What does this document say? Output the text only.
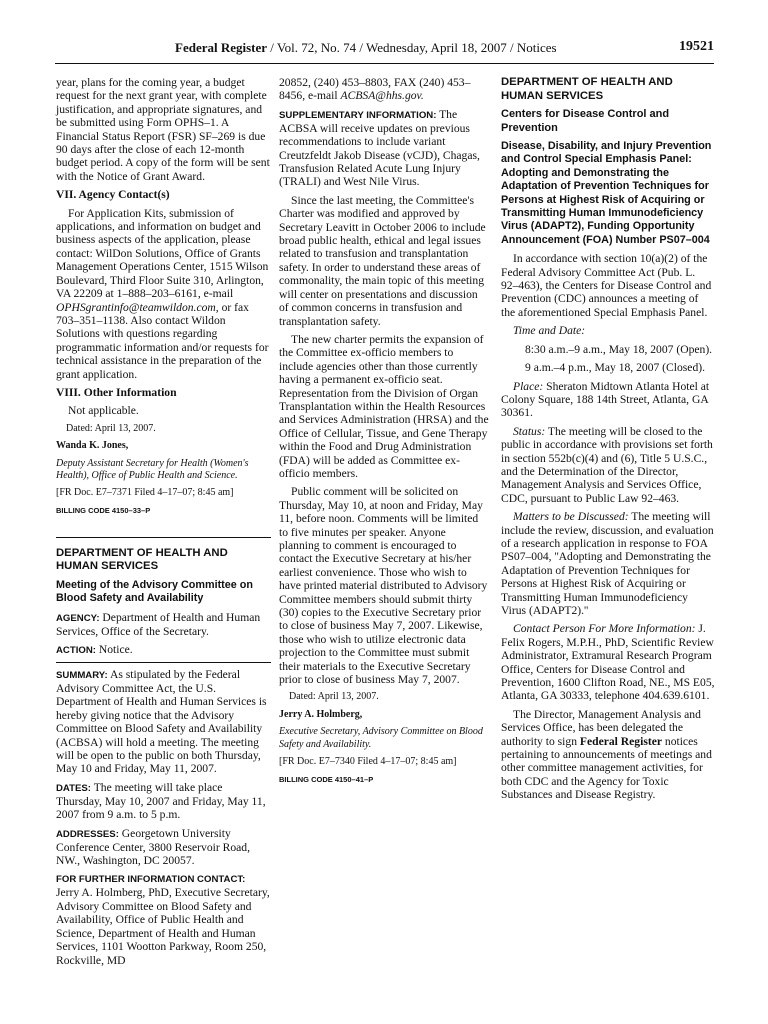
Federal Register / Vol. 72, No. 74 / Wednesday, April 18, 2007 / Notices	19521

year, plans for the coming year, a budget request for the next grant year, with complete justification, and appropriate signatures, and be submitted using Form OPHS–1. A Financial Status Report (FSR) SF–269 is due 90 days after the close of each 12-month budget period. A copy of the form will be sent with the Notice of Grant Award.

VII. Agency Contact(s)

For Application Kits, submission of applications, and information on budget and business aspects of the application, please contact: WilDon Solutions, Office of Grants Management Operations Center, 1515 Wilson Boulevard, Third Floor Suite 310, Arlington, VA 22209 at 1–888–203–6161, e-mail OPHSgrantinfo@teamwildon.com, or fax 703–351–1138. Also contact Wildon Solutions with questions regarding programmatic information and/or requests for technical assistance in the preparation of the grant application.

VIII. Other Information

Not applicable.

Dated: April 13, 2007.

Wanda K. Jones,

Deputy Assistant Secretary for Health (Women's Health), Office of Public Health and Science.

[FR Doc. E7–7371 Filed 4–17–07; 8:45 am]

BILLING CODE 4150–33–P

DEPARTMENT OF HEALTH AND HUMAN SERVICES

Meeting of the Advisory Committee on Blood Safety and Availability

AGENCY: Department of Health and Human Services, Office of the Secretary.

ACTION: Notice.

SUMMARY: As stipulated by the Federal Advisory Committee Act, the U.S. Department of Health and Human Services is hereby giving notice that the Advisory Committee on Blood Safety and Availability (ACBSA) will hold a meeting. The meeting will be open to the public on both Thursday, May 10 and Friday, May 11, 2007.

DATES: The meeting will take place Thursday, May 10, 2007 and Friday, May 11, 2007 from 9 a.m. to 5 p.m.

ADDRESSES: Georgetown University Conference Center, 3800 Reservoir Road, NW., Washington, DC 20057.

FOR FURTHER INFORMATION CONTACT: Jerry A. Holmberg, PhD, Executive Secretary, Advisory Committee on Blood Safety and Availability, Office of Public Health and Science, Department of Health and Human Services, 1101 Wootton Parkway, Room 250, Rockville, MD

20852, (240) 453–8803, FAX (240) 453–8456, e-mail ACBSA@hhs.gov.

SUPPLEMENTARY INFORMATION: The ACBSA will receive updates on previous recommendations to include variant Creutzfeldt Jakob Disease (vCJD), Chagas, Transfusion Related Acute Lung Injury (TRALI) and West Nile Virus.

Since the last meeting, the Committee's Charter was modified and approved by Secretary Leavitt in October 2006 to include broad public health, ethical and legal issues related to transfusion and transplantation safety. In order to understand these areas of commonality, the main topic of this meeting will center on presentations and discussion of common concerns in transfusion and transplantation safety.

The new charter permits the expansion of the Committee ex-officio members to include agencies other than those currently having a permanent ex-officio seat. Representation from the Division of Organ Transplantation within the Health Resources and Services Administration (HRSA) and the Office of Cellular, Tissue, and Gene Therapy within the Food and Drug Administration (FDA) will be added as Committee ex-officio members.

Public comment will be solicited on Thursday, May 10, at noon and Friday, May 11, before noon. Comments will be limited to five minutes per speaker. Anyone planning to comment is encouraged to contact the Executive Secretary at his/her earliest convenience. Those who wish to have printed material distributed to Advisory Committee members should submit thirty (30) copies to the Executive Secretary prior to close of business May 7, 2007. Likewise, those who wish to utilize electronic data projection to the Committee must submit their materials to the Executive Secretary prior to close of business May 7, 2007.

Dated: April 13, 2007.

Jerry A. Holmberg,

Executive Secretary, Advisory Committee on Blood Safety and Availability.

[FR Doc. E7–7340 Filed 4–17–07; 8:45 am]

BILLING CODE 4150–41–P

DEPARTMENT OF HEALTH AND HUMAN SERVICES

Centers for Disease Control and Prevention

Disease, Disability, and Injury Prevention and Control Special Emphasis Panel: Adopting and Demonstrating the Adaptation of Prevention Techniques for Persons at Highest Risk of Acquiring or Transmitting Human Immunodeficiency Virus (ADAPT2), Funding Opportunity Announcement (FOA) Number PS07–004

In accordance with section 10(a)(2) of the Federal Advisory Committee Act (Pub. L. 92–463), the Centers for Disease Control and Prevention (CDC) announces a meeting of the aforementioned Special Emphasis Panel.

Time and Date:

8:30 a.m.–9 a.m., May 18, 2007 (Open).

9 a.m.–4 p.m., May 18, 2007 (Closed).

Place: Sheraton Midtown Atlanta Hotel at Colony Square, 188 14th Street, Atlanta, GA 30361.

Status: The meeting will be closed to the public in accordance with provisions set forth in section 552b(c)(4) and (6), Title 5 U.S.C., and the Determination of the Director, Management Analysis and Services Office, CDC, pursuant to Public Law 92–463.

Matters to be Discussed: The meeting will include the review, discussion, and evaluation of a research application in response to FOA PS07–004, ''Adopting and Demonstrating the Adaptation of Prevention Techniques for Persons at Highest Risk of Acquiring or Transmitting Human Immunodeficiency Virus (ADAPT2).''

Contact Person For More Information: J. Felix Rogers, M.P.H., PhD, Scientific Review Administrator, Extramural Research Program Office, Centers for Disease Control and Prevention, 1600 Clifton Road, NE., MS E05, Atlanta, GA 30333, telephone 404.639.6101.

The Director, Management Analysis and Services Office, has been delegated the authority to sign Federal Register notices pertaining to announcements of meetings and other committee management activities, for both CDC and the Agency for Toxic Substances and Disease Registry.
